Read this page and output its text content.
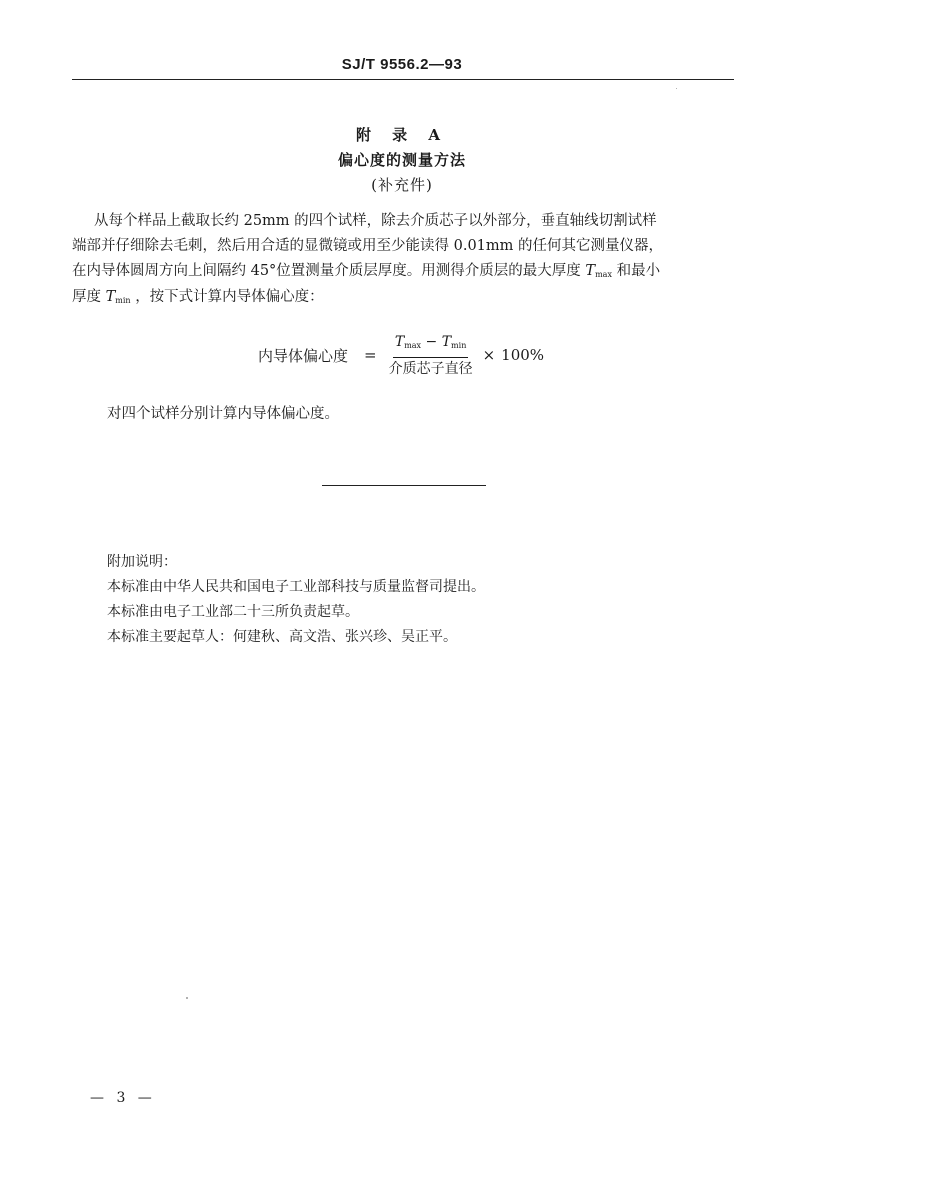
SJ/T 9556.2—93
附 录 A
偏心度的测量方法
(补充件)
从每个样品上截取长约 25mm 的四个试样，除去介质芯子以外部分，垂直轴线切割试样
端部并仔细除去毛刺，然后用合适的显微镜或用至少能读得 0.01mm 的任何其它测量仪器，
在内导体圆周方向上间隔约 45°位置测量介质层厚度。用测得介质层的最大厚度 $T_{max}$ 和最小
厚度 $T_{min}$ ，按下式计算内导体偏心度：
内导体偏心度 = $\frac{T_{max} - T_{min}}{\text{介质芯子直径}} \times 100\%$
对四个试样分别计算内导体偏心度。
附加说明：
本标准由中华人民共和国电子工业部科技与质量监督司提出。
本标准由电子工业部二十三所负责起草。
本标准主要起草人：何建秋、高文浩、张兴珍、吴正平。
— 3 —
